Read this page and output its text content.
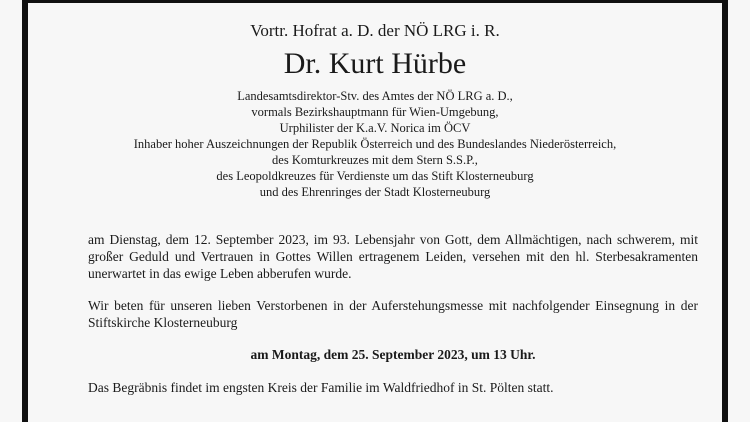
Vortr. Hofrat a. D. der NÖ LRG i. R.
Dr. Kurt Hürbe
Landesamtsdirektor-Stv. des Amtes der NÖ LRG a. D.,
vormals Bezirkshauptmann für Wien-Umgebung,
Urphilister der K.a.V. Norica im ÖCV
Inhaber hoher Auszeichnungen der Republik Österreich und des Bundeslandes Niederösterreich,
des Komturkreuzes mit dem Stern S.S.P.,
des Leopoldkreuzes für Verdienste um das Stift Klosterneuburg
und des Ehrenringes der Stadt Klosterneuburg
am Dienstag, dem 12. September 2023, im 93. Lebensjahr von Gott, dem Allmächtigen, nach schwerem, mit großer Geduld und Vertrauen in Gottes Willen ertragenem Leiden, versehen mit den hl. Sterbesakramenten unerwartet in das ewige Leben abberufen wurde.
Wir beten für unseren lieben Verstorbenen in der Auferstehungsmesse mit nachfolgender Einsegnung in der Stiftskirche Klosterneuburg
am Montag, dem 25. September 2023, um 13 Uhr.
Das Begräbnis findet im engsten Kreis der Familie im Waldfriedhof in St. Pölten statt.
